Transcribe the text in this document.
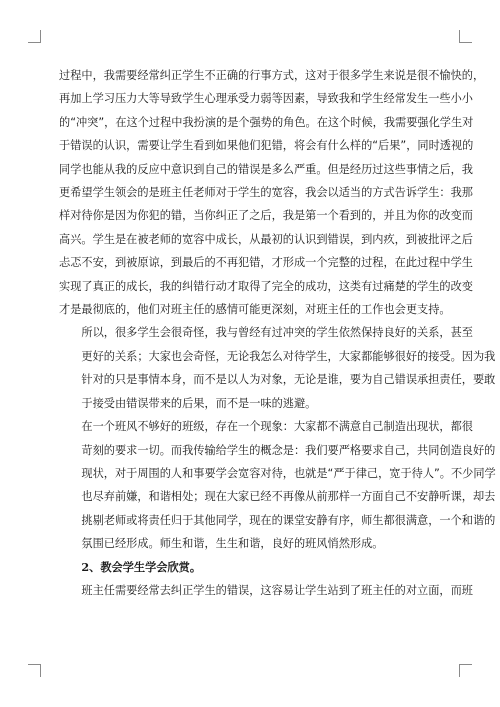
过程中，我需要经常纠正学生不正确的行事方式，这对于很多学生来说是很不愉快的，
再加上学习压力大等导致学生心理承受力弱等因素，导致我和学生经常发生一些小小
的“冲突”，在这个过程中我扮演的是个强势的角色。在这个时候，我需要强化学生对
于错误的认识，需要让学生看到如果他们犯错，将会有什么样的“后果”，同时透视的
同学也能从我的反应中意识到自己的错误是多么严重。但是经历过这些事情之后，我
更希望学生领会的是班主任老师对于学生的宽容，我会以适当的方式告诉学生：我那
样对待你是因为你犯的错，当你纠正了之后，我是第一个看到的，并且为你的改变而
高兴。学生是在被老师的宽容中成长，从最初的认识到错误，到内疚，到被批评之后
忐忑不安，到被原谅，到最后的不再犯错，才形成一个完整的过程，在此过程中学生
实现了真正的成长，我的纠错行动才取得了完全的成功，这类有过痛楚的学生的改变
才是最彻底的，他们对班主任的感情可能更深刻，对班主任的工作也会更支持。

所以，很多学生会很奇怪，我与曾经有过冲突的学生依然保持良好的关系，甚至
更好的关系；大家也会奇怪，无论我怎么对待学生，大家都能够很好的接受。因为我
针对的只是事情本身，而不是以人为对象，无论是谁，要为自己错误承担责任，要敢
于接受由错误带来的后果，而不是一味的逃避。

在一个班风不够好的班级，存在一个现象：大家都不满意自己制造出现状，都很
苛刻的要求一切。而我传输给学生的概念是：我们要严格要求自己，共同创造良好的
现状，对于周围的人和事要学会宽容对待，也就是“严于律己，宽于待人”。不少同学
也尽弃前嫌，和谐相处；现在大家已经不再像从前那样一方面自己不安静听课，却去
挑剔老师或将责任归于其他同学，现在的课堂安静有序，师生都很满意，一个和谐的
氛围已经形成。师生和谐，生生和谐，良好的班风悄然形成。

2、教会学生学会欣赏。

班主任需要经常去纠正学生的错误，这容易让学生站到了班主任的对立面，而班
